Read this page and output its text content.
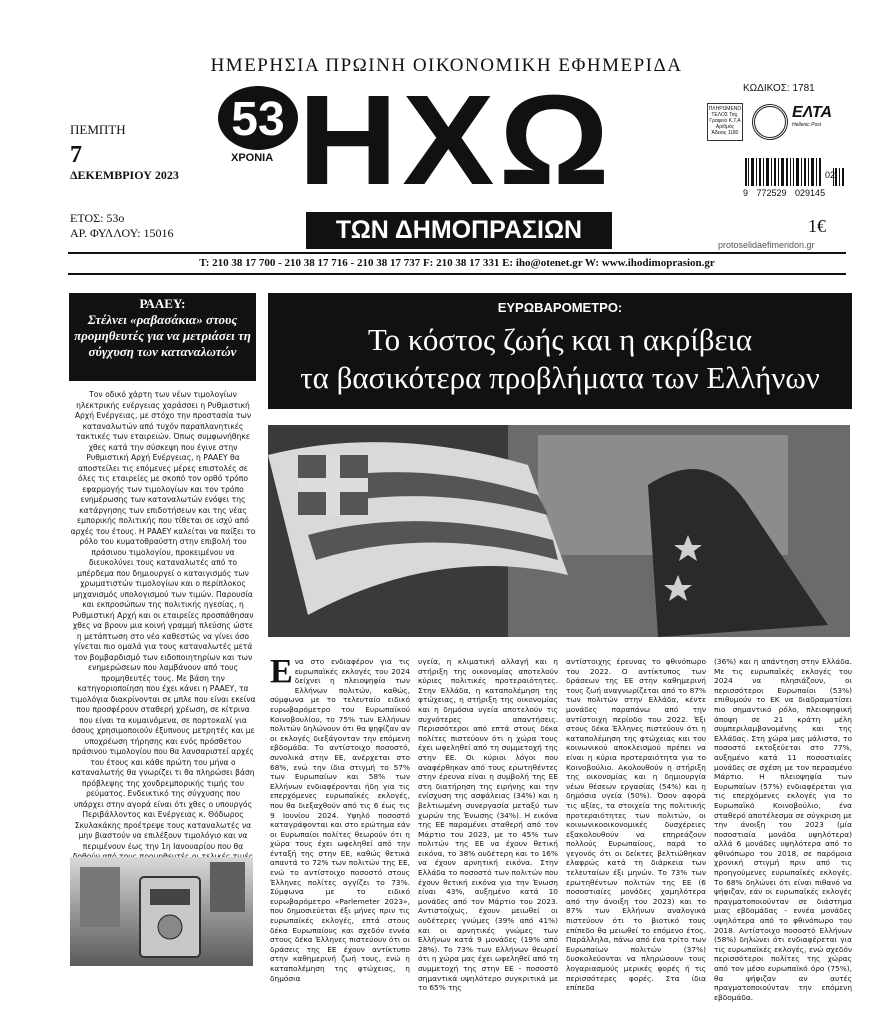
ΗΜΕΡΗΣΙΑ ΠΡΩΙΝΗ ΟΙΚΟΝΟΜΙΚΗ ΕΦΗΜΕΡΙΔΑ
ΠΕΜΠΤΗ
7
ΔΕΚΕΜΒΡΙΟΥ 2023
ΕΤΟΣ: 53ο
ΑΡ. ΦΥΛΛΟΥ: 15016
53
ΧΡΟΝΙΑ ΗΧΩ
ΤΩΝ ΔΗΜΟΠΡΑΣΙΩΝ
ΚΩΔΙΚΟΣ: 1781
ΠΛΗΡΩΜΕΝΟ ΤΕΛΟΣ Ταχ. Γραφείο Κ.Τ.Α Αριθμός Άδειας 1180
ΕΛΤΑ
Hellenic Post
02
9 772529 029145
1€
protoselidaefimeridon.gr
Τ: 210 38 17 700 - 210 38 17 716 - 210 38 17 737 F: 210 38 17 331 E: iho@otenet.gr W: www.ihodimoprasion.gr
ΡΑΑΕΥ:
Στέλνει «ραβασάκια» στους προμηθευτές για να μετριάσει τη σύγχυση των καταναλωτών
Τον οδικό χάρτη των νέων τιμολογίων ηλεκτρικής ενέργειας χαράσσει η Ρυθμιστική Αρχή Ενέργειας, με στόχο την προστασία των καταναλωτών από τυχόν παραπλανητικές τακτικές των εταιρειών. Όπως συμφωνήθηκε χθες κατά την σύσκεψη που έγινε στην Ρυθμιστική Αρχή Ενέργειας, η ΡΑΑΕΥ θα αποστείλει τις επόμενες μέρες επιστολές σε όλες τις εταιρείες με σκοπό τον ορθό τρόπο εφαρμογής των τιμολογίων και τον τρόπο ενημέρωσης των καταναλωτών ενόψει της κατάργησης των επιδοτήσεων και της νέας εμπορικής πολιτικής που τίθεται σε ισχύ από αρχές του έτους. Η ΡΑΑΕΥ καλείται να παίξει το ρόλο του κυματοθραύστη στην επιβολή του πράσινου τιμολογίου, προκειμένου να διευκολύνει τους καταναλωτές από το μπέρδεμα που δημιουργεί ο καταιγισμός των χρωματιστών τιμολογίων και ο περίπλοκος μηχανισμός υπολογισμού των τιμών. Παρουσία και εκπροσώπων της πολιτικής ηγεσίας, η Ρυθμιστική Αρχή και οι εταιρείες προσπάθησαν χθες να βρουν μια κοινή γραμμή πλεύσης ώστε η μετάπτωση στο νέο καθεστώς να γίνει όσο γίνεται πιο ομαλά για τους καταναλωτές μετά τον βομβαρδισμό των ειδοποιητηρίων και των ενημερώσεων που λαμβάνουν από τους προμηθευτές τους. Με βάση την κατηγοριοποίηση που έχει κάνει η ΡΑΑΕΥ, τα τιμολόγια διακρίνονται σε μπλε που είναι εκείνα που προσφέρουν σταθερή χρέωση, σε κίτρινα που είναι τα κυμαινόμενα, σε πορτοκαλί για όσους χρησιμοποιούν έξυπνους μετρητές και με υποχρέωση τήρησης και ενός πρόσθετου πράσινου τιμολογίου που θα λανσαριστεί αρχές του έτους και κάθε πρώτη του μήνα ο καταναλωτής θα γνωρίζει τι θα πληρώσει βάση πρόβλεψης της χονδρεμπορικής τιμής του ρεύματος. Ενδεικτικό της σύγχυσης που υπάρχει στην αγορά είναι ότι χθες ο υπουργός Περιβάλλοντος και Ενέργειας κ. Θόδωρος Σκυλακάκης προέτρεψε τους καταναλωτές να μην βιαστούν να επιλέξουν τιμολόγιο και να περιμένουν έως την 1η Ιανουαρίου που θα
ΕΥΡΩΒΑΡΟΜΕΤΡΟ:
Το κόστος ζωής και η ακρίβεια
τα βασικότερα προβλήματα των Ελλήνων
Ενα στο ενδιαφέρον για τις ευρωπαϊκές εκλογές του 2024 δείχνει η πλειοψηφία των Ελλήνων πολιτών, καθώς, σύμφωνα με το τελευταίο ειδικό ευρωβαρόμετρο του Ευρωπαϊκού Κοινοβουλίου, το 75% των Ελλήνων πολιτών δηλώνουν ότι θα ψηφίζαν αν οι εκλογές διεξάγονταν την επόμενη εβδομάδα. Το αντίστοιχο ποσοστό, συνολικά στην ΕΕ, ανέρχεται στο 68%, ενώ την ίδια στιγμή το 57% των Ευρωπαίων και 58% των Ελλήνων ενδιαφέρονται ήδη για τις επερχόμενες ευρωπαϊκές εκλογές, που θα διεξαχθούν από τις 6 έως τις 9 Ιουνίου 2024. Υψηλό ποσοστό καταγράφονται και στο ερώτημα εάν οι Ευρωπαίοι πολίτες θεωρούν ότι η χώρα τους έχει ωφεληθεί από την ένταξή της στην ΕΕ, καθώς θετικά απαντά το 72% των πολιτών της ΕΕ, ενώ το αντίστοιχο ποσοστό στους Έλληνες πολίτες αγγίζει το 73%. Σύμφωνα με το ειδικό ευρωβαρόμετρο «Parlemeter 2023», που δημοσιεύεται έξι μήνες πριν τις ευρωπαϊκές εκλογές, επτά στους δέκα Ευρωπαίους και σχεδόν εννέα στους δέκα Έλληνες πιστεύουν ότι οι δράσεις της ΕΕ έχουν αντίκτυπο στην καθημερινή ζωή τους, ενώ η καταπολέμηση της φτώχειας, η δημόσια
υγεία, η κλιματική αλλαγή και η στήριξη της οικονομίας αποτελούν κύριες πολιτικές προτεραιότητες. Στην Ελλάδα, η καταπολέμηση της φτώχειας, η στήριξη της οικονομίας και η δημόσια υγεία αποτελούν τις συχνότερες απαντήσεις. Περισσότεροι από επτά στους δέκα πολίτες πιστεύουν ότι η χώρα τους έχει ωφεληθεί από τη συμμετοχή της στην ΕΕ. Οι κύριοι λόγοι που αναφέρθηκαν από τους ερωτηθέντες στην έρευνα είναι η συμβολή της ΕΕ στη διατήρηση της ειρήνης και την ενίσχυση της ασφάλειας (34%) και η βελτιωμένη συνεργασία μεταξύ των χωρών της Ένωσης (34%). Η εικόνα της ΕΕ παραμένει σταθερή από τον Μάρτιο του 2023, με το 45% των πολιτών της ΕΕ να έχουν θετική εικόνα, το 38% ουδέτερη και το 16% να έχουν αρνητική εικόνα. Στην Ελλάδα το ποσοστό των πολιτών που έχουν θετική εικόνα για την Ένωση είναι 43%, αυξημένο κατά 10 μονάδες από τον Μάρτιο του 2023. Αντιστοίχως, έχουν μειωθεί οι ουδέτερες γνώμες (39% από 41%) και οι αρνητικές γνώμες των Ελλήνων κατά 9 μονάδες (19% από 28%). Το 73% των Ελλήνων θεωρεί ότι η χώρα μας έχει ωφεληθεί από τη συμμετοχή της στην ΕΕ - ποσοστό σημαντικά υψηλότερο συγκριτικά με το 65% της
αντίστοιχης έρευνας το φθινόπωρο του 2022. Ο αντίκτυπος των δράσεων της ΕΕ στην καθημερινή τους ζωή αναγνωρίζεται από το 87% των πολιτών στην Ελλάδα, κέντε μονάδες παραπάνω από την αντίστοιχη περίοδο του 2022. Έξι στους δέκα Έλληνες πιστεύουν ότι η καταπολέμηση της φτώχειας και του κοινωνικού αποκλεισμού πρέπει να είναι η κύρια προτεραιότητα για το Κοινοβούλιο. Ακολουθούν η στήριξη της οικονομίας και η δημιουργία νέων θέσεων εργασίας (54%) και η δημόσια υγεία (50%). Όσον αφορά τις αξίες, τα στοιχεία της πολιτικής προτεραιότητες των πολιτών, οι κοινωνικοοικονομικές δυσχέρειες εξακολουθούν να επηρεάζουν πολλούς Ευρωπαίους, παρά το γεγονός ότι οι δείκτες βελτιώθηκαν ελαφρώς κατά τη διάρκεια των τελευταίων έξι μηνών. Το 73% των ερωτηθέντων πολιτών της ΕΕ (6 ποσοστιαίες μονάδες χαμηλότερα από την άνοιξη του 2023) και το 87% των Ελλήνων αναλογικά πιστεύουν ότι το βιοτικό τους επίπεδο θα μειωθεί το επόμενο έτος. Παράλληλα, πάνω από ένα τρίτο των Ευρωπαίων πολιτών (37%) δυσκολεύονται να πληρώσουν τους λογαριασμούς μερικές φορές ή τις περισσότερες φορές. Στα ίδια επίπεδα
(36%) και η απάντηση στην Ελλάδα. Με τις ευρωπαϊκές εκλογές του 2024 να πλησιάζουν, οι περισσότεροι Ευρωπαίοι (53%) επιθυμούν το ΕΚ να διαδραματίσει πιο σημαντικό ρόλο, πλειοψηφική άποψη σε 21 κράτη μέλη συμπεριλαμβανομένης και της Ελλάδας. Στη χώρα μας μάλιστα, το ποσοστό εκτοξεύεται στο 77%, αυξημένο κατά 11 ποσοστιαίες μονάδες σε σχέση με τον περασμένο Μάρτιο. Η πλειοψηφία των Ευρωπαίων (57%) ενδιαφέρεται για τις επερχόμενες εκλογές για το Ευρωπαϊκό Κοινοβούλιο, ένα σταθερό αποτέλεσμα σε σύγκριση με την άνοιξη του 2023 (μία ποσοστιαία μονάδα υψηλότερα) αλλά 6 μονάδες υψηλότερα από το φθινόπωρο του 2018, σε παρόμοια χρονική στιγμή πριν από τις προηγούμενες ευρωπαϊκές εκλογές. Το 68% δηλώνει ότι είναι πιθανό να ψήφιζαν, εάν οι ευρωπαϊκές εκλογές πραγματοποιούνταν σε διάστημα μιας εβδομάδας - εννέα μονάδες υψηλότερα από το φθινόπωρο του 2018. Αντίστοιχο ποσοστό Ελλήνων (58%) δηλώνει ότι ενδιαφέρεται για τις ευρωπαϊκές εκλογές, ενώ σχεδόν περισσότεροι πολίτες της χώρας από τον μέσο ευρωπαϊκό όρο (75%), θα ψήφιζαν αν αυτές πραγματοποιούνταν την επόμενη εβδομάδα.
